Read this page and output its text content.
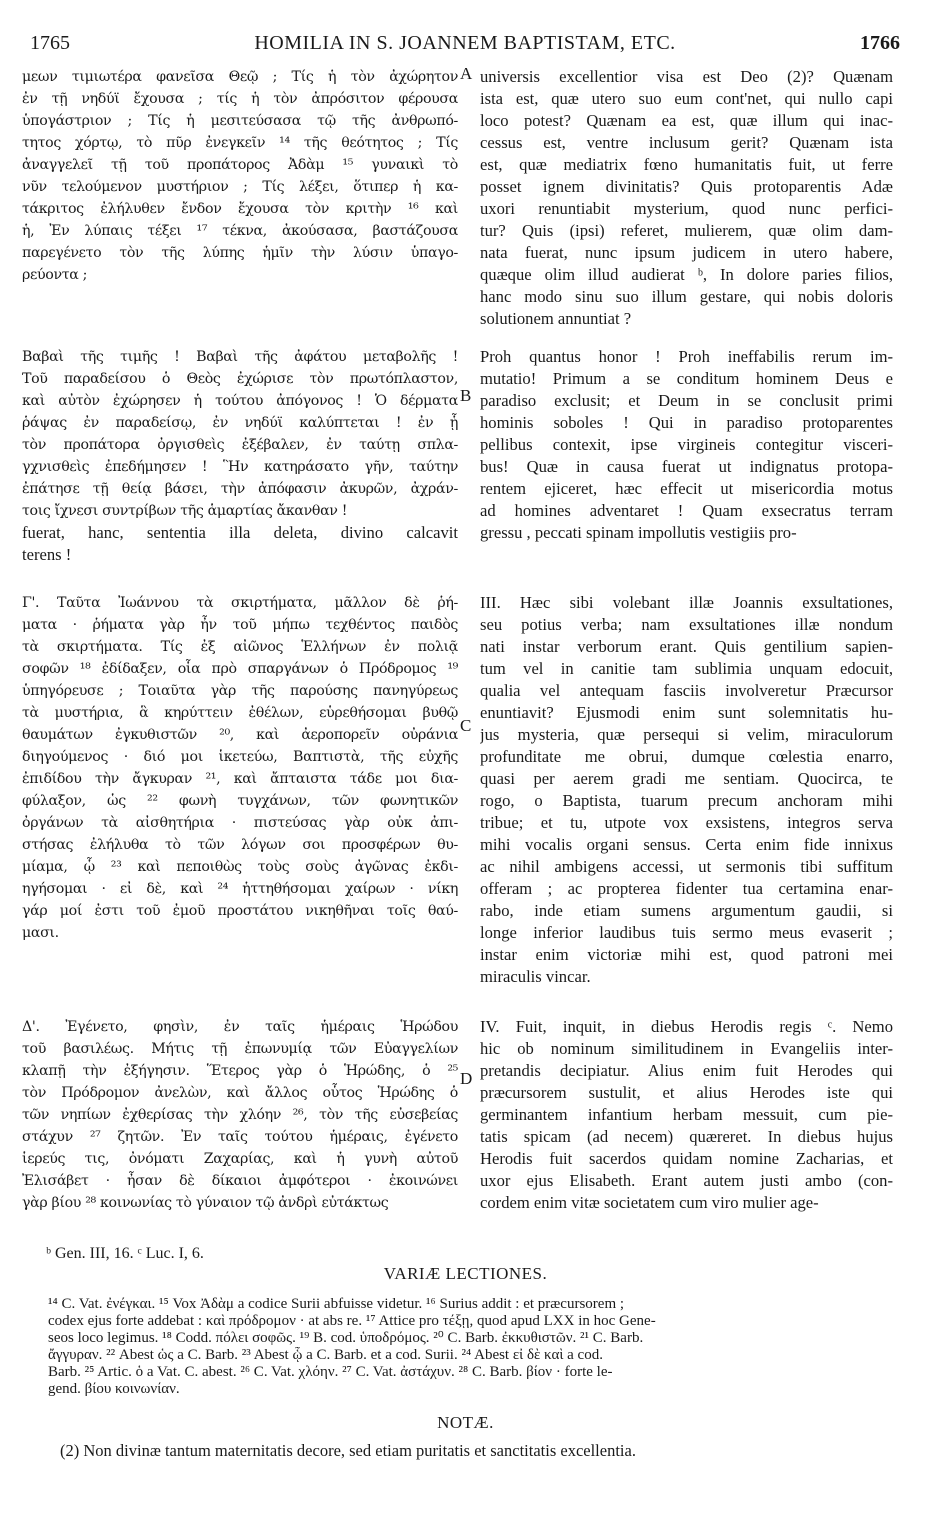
1765	HOMILIA IN S. JOANNEM BAPTISTAM, ETC.	1766
μεων τιμιωτέρα φανεῖσα Θεῷ ; Τίς ἡ τὸν ἀχώρητον
ἐν τῇ νηδύϊ ἔχουσα ; τίς ἡ τὸν ἀπρόσιτον φέρουσα
ὑπογάστριον ; Τίς ἡ μεσιτεύσασα τῷ τῆς ἀνθρωπό-
τητος χόρτῳ, τὸ πῦρ ἐνεγκεῖν ¹⁴ τῆς θεότητος ; Τίς
ἀναγγελεῖ τῇ τοῦ προπάτορος Ἀδὰμ ¹⁵ γυναικὶ τὸ
νῦν τελούμενον μυστήριον ; Τίς λέξει, ὅτιπερ ἡ κα-
τάκριτος ἐλήλυθεν ἔνδον ἔχουσα τὸν κριτὴν ¹⁶ καὶ
ἡ, Ἐν λύπαις τέξει ¹⁷ τέκνα, ἀκούσασα, βαστάζουσα
παρεγένετο τὸν τῆς λύπης ἡμῖν τὴν λύσιν ὑπαγο-
ρεύοντα ;
Βαβαὶ τῆς τιμῆς ! Βαβαὶ τῆς ἀφάτου μεταβολῆς !
Τοῦ παραδείσου ὁ Θεὸς ἐχώρισε τὸν πρωτόπλαστον,
καὶ αὐτὸν ἐχώρησεν ἡ τούτου ἀπόγονος ! Ὁ δέρματα
ῥάψας ἐν παραδείσῳ, ἐν νηδύϊ καλύπτεται ! ἐν ᾗ
τὸν προπάτορα ὀργισθεὶς ἐξέβαλεν, ἐν ταύτῃ σπλα-
γχνισθεὶς ἐπεδήμησεν ! Ἣν κατηράσατο γῆν, ταύτην
ἐπάτησε τῇ θείᾳ βάσει, τὴν ἀπόφασιν ἀκυρῶν, ἀχράν-
τοις ἴχνεσι συντρίβων τῆς ἁμαρτίας ἄκανθαν !
fuerat, hanc, sententia illa deleta, divino calcavit
terens !
Γ'. Ταῦτα Ἰωάννου τὰ σκιρτήματα, μᾶλλον δὲ ῥή-
ματα · ῥήματα γὰρ ἦν τοῦ μήπω τεχθέντος παιδὸς
τὰ σκιρτήματα. Τίς ἐξ αἰῶνος Ἑλλήνων ἐν πολιᾷ
σοφῶν ¹⁸ ἐδίδαξεν, οἷα πρὸ σπαργάνων ὁ Πρόδρομος ¹⁹
ὑπηγόρευσε ; Τοιαῦτα γὰρ τῆς παρούσης πανηγύρεως
τὰ μυστήρια, ἃ κηρύττειν ἐθέλων, εὑρεθήσομαι βυθῷ
θαυμάτων ἐγκυθιστῶν ²⁰, καὶ ἀεροπορεῖν οὐράνια
διηγούμενος · διό μοι ἱκετεύω, Βαπτιστὰ, τῆς εὐχῆς
ἐπιδίδου τὴν ἄγκυραν ²¹, καὶ ἄπταιστα τάδε μοι δια-
φύλαξον, ὡς ²² φωνὴ τυγχάνων, τῶν φωνητικῶν
ὀργάνων τὰ αἰσθητήρια · πιστεύσας γὰρ οὐκ ἀπι-
στήσας ἐλήλυθα τὸ τῶν λόγων σοι προσφέρων θυ-
μίαμα, ᾧ ²³ καὶ πεποιθὼς τοὺς σοὺς ἀγῶνας ἐκδι-
ηγήσομαι · εἰ δὲ, καὶ ²⁴ ἡττηθήσομαι χαίρων · νίκη
γάρ μοί ἐστι τοῦ ἐμοῦ προστάτου νικηθῆναι τοῖς θαύ-
μασι.
Δ'. Ἐγένετο, φησὶν, ἐν ταῖς ἡμέραις Ἡρώδου
τοῦ βασιλέως. Μήτις τῇ ἐπωνυμίᾳ τῶν Εὐαγγελίων
κλαπῇ τὴν ἐξήγησιν. Ἕτερος γὰρ ὁ Ἡρώδης, ὁ ²⁵
τὸν Πρόδρομον ἀνελὼν, καὶ ἄλλος οὗτος Ἡρώδης ὁ
τῶν νηπίων ἐχθερίσας τὴν χλόην ²⁶, τὸν τῆς εὐσεβείας
στάχυν ²⁷ ζητῶν. Ἐν ταῖς τούτου ἡμέραις, ἐγένετο
ἱερεύς τις, ὀνόματι Ζαχαρίας, καὶ ἡ γυνὴ αὐτοῦ
Ἐλισάβετ · ἦσαν δὲ δίκαιοι ἀμφότεροι · ἐκοινώνει
γὰρ βίου ²⁸ κοινωνίας τὸ γύναιον τῷ ἀνδρὶ εὐτάκτως
universis excellentior visa est Deo (2)? Quænam
ista est, quæ utero suo eum cont'net, qui nullo capi
loco potest? Quænam ea est, quæ illum qui inac-
cessus est, ventre inclusum gerit? Quænam ista
est, quæ mediatrix fœno humanitatis fuit, ut ferre
posset ignem divinitatis? Quis protoparentis Adæ
uxori renuntiabit mysterium, quod nunc perfici-
tur? Quis (ipsi) referet, mulierem, quæ olim dam-
nata fuerat, nunc ipsum judicem in utero habere,
quæque olim illud audierat ᵇ, In dolore paries filios,
hanc modo sinu suo illum gestare, qui nobis doloris
solutionem annuntiat ?
Proh quantus honor ! Proh ineffabilis rerum im-
mutatio! Primum a se conditum hominem Deus e
paradiso exclusit; et Deum in se conclusit primi
hominis soboles ! Qui in paradiso protoparentes
pellibus contexit, ipse virgineis contegitur visceri-
bus! Quæ in causa fuerat ut indignatus protopa-
rentem ejiceret, hæc effecit ut misericordia motus
ad homines adventaret ! Quam exsecratus terram
gressu , peccati spinam impollutis vestigiis pro-
III. Hæc sibi volebant illæ Joannis exsultationes,
seu potius verba; nam exsultationes illæ nondum
nati instar verborum erant. Quis gentilium sapien-
tum vel in canitie tam sublimia unquam edocuit,
qualia vel antequam fasciis involveretur Præcursor
enuntiavit? Ejusmodi enim sunt solemnitatis hu-
jus mysteria, quæ persequi si velim, miraculorum
profunditate me obrui, dumque cœlestia enarro,
quasi per aerem gradi me sentiam. Quocirca, te
rogo, o Baptista, tuarum precum anchoram mihi
tribue; et tu, utpote vox exsistens, integros serva
mihi vocalis organi sensus. Certa enim fide innixus
ac nihil ambigens accessi, ut sermonis tibi suffitum
offeram ; ac propterea fidenter tua certamina enar-
rabo, inde etiam sumens argumentum gaudii, si
longe inferior laudibus tuis sermo meus evaserit ;
instar enim victoriæ mihi est, quod patroni mei
miraculis vincar.
IV. Fuit, inquit, in diebus Herodis regis ᶜ. Nemo
hic ob nominum similitudinem in Evangeliis inter-
pretandis decipiatur. Alius enim fuit Herodes qui
præcursorem sustulit, et alius Herodes iste qui
germinantem infantium herbam messuit, cum pie-
tatis spicam (ad necem) quæreret. In diebus hujus
Herodis fuit sacerdos quidam nomine Zacharias, et
uxor ejus Elisabeth. Erant autem justi ambo (con-
cordem enim vitæ societatem cum viro mulier age-
A
B
C
D
ᵇ Gen. III, 16. ᶜ Luc. I, 6.
VARIÆ LECTIONES.
¹⁴ C. Vat. ἐνέγκαι. ¹⁵ Vox Ἀδὰμ a codice Surii abfuisse videtur. ¹⁶ Surius addit : et præcursorem ;
codex ejus forte addebat : καὶ πρόδρομον · at abs re. ¹⁷ Attice pro τέξῃ, quod apud LXX in hoc Gene-
seos loco legimus. ¹⁸ Codd. πόλει σοφῶς. ¹⁹ B. cod. ὑποδρόμος. ²⁰ C. Barb. ἐκκυθιστῶν. ²¹ C. Barb.
ἄγγυραν. ²² Abest ὡς a C. Barb. ²³ Abest ᾧ a C. Barb. et a cod. Surii. ²⁴ Abest εἰ δὲ καὶ a cod.
Barb. ²⁵ Artic. ὁ a Vat. C. abest. ²⁶ C. Vat. χλόην. ²⁷ C. Vat. ἀστάχυν. ²⁸ C. Barb. βίον · forte le-
gend. βίου κοινωνίαν.
NOTÆ.
(2) Non divinæ tantum maternitatis decore, sed etiam puritatis et sanctitatis excellentia.
